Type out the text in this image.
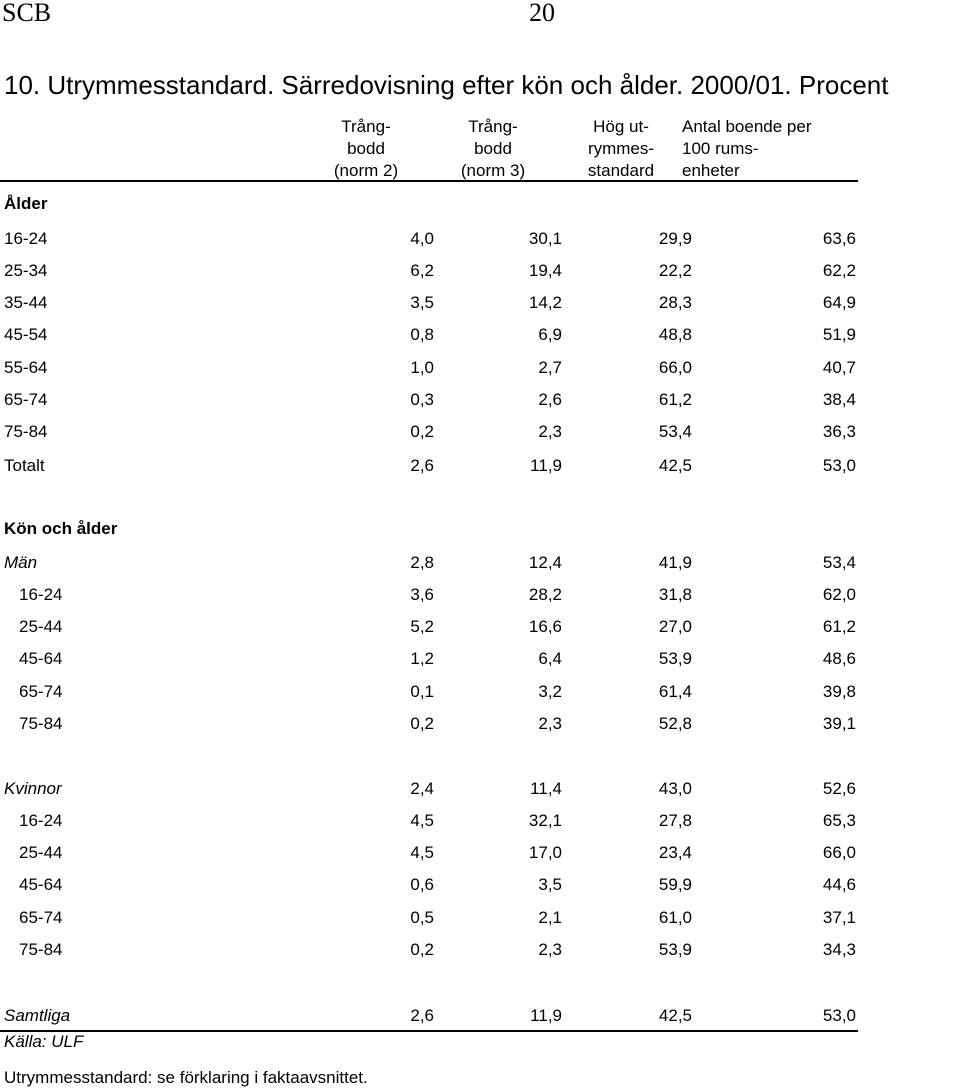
SCB	20
10. Utrymmesstandard. Särredovisning efter kön och ålder. 2000/01. Procent
Trång-
bodd
(norm 2)
Trång-
bodd
(norm 3)
Hög ut-
rymmes-
standard
Antal boende per
100 rums-
enheter
Ålder
16-24	4,0	30,1	29,9	63,6
25-34	6,2	19,4	22,2	62,2
35-44	3,5	14,2	28,3	64,9
45-54	0,8	6,9	48,8	51,9
55-64	1,0	2,7	66,0	40,7
65-74	0,3	2,6	61,2	38,4
75-84	0,2	2,3	53,4	36,3
Totalt	2,6	11,9	42,5	53,0
Kön och ålder
Män	2,8	12,4	41,9	53,4
16-24	3,6	28,2	31,8	62,0
25-44	5,2	16,6	27,0	61,2
45-64	1,2	6,4	53,9	48,6
65-74	0,1	3,2	61,4	39,8
75-84	0,2	2,3	52,8	39,1
Kvinnor	2,4	11,4	43,0	52,6
16-24	4,5	32,1	27,8	65,3
25-44	4,5	17,0	23,4	66,0
45-64	0,6	3,5	59,9	44,6
65-74	0,5	2,1	61,0	37,1
75-84	0,2	2,3	53,9	34,3
Samtliga	2,6	11,9	42,5	53,0
Källa: ULF
Utrymmesstandard: se förklaring i faktaavsnittet.
